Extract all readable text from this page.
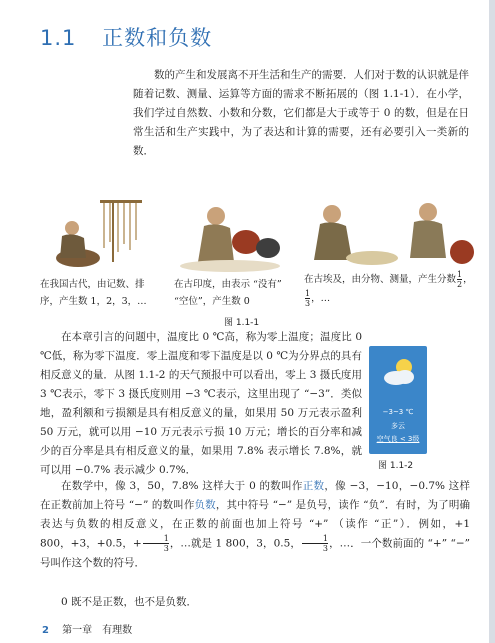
1.1 正数和负数
数的产生和发展离不开生活和生产的需要．人们对于数的认识就是伴随着记数、测量、运算等方面的需求不断拓展的（图 1.1-1）．在小学，我们学过自然数、小数和分数，它们都是大于或等于 0 的数，但是在日常生活和生产实践中，为了表达和计算的需要，还有必要引入一类新的数．
在我国古代，由记数、排序，产生数 1，2，3，…
在古印度，由表示 “没有” “空位”，产生数 0
在古埃及，由分物、测量，产生分数 $\frac{1}{2}$ ，
$\frac{1}{3}$ ，…
图 1.1-1
在本章引言的问题中，温度比 0 ℃高，称为零上温度；温度比 0 ℃低，称为零下温度．零上温度和零下温度是以 0 ℃为分界点的具有相反意义的量．从图 1.1-2 的天气预报中可以看出，零上 3 摄氏度用 3 ℃表示，零下 3 摄氏度则用 −3 ℃表示，这里出现了 “−3”．类似地，盈利额和亏损额是具有相反意义的量，如果用 50 万元表示盈利 50 万元，就可以用 −10 万元表示亏损 10 万元；增长的百分率和减少的百分率是具有相反意义的量，如果用 7.8% 表示增长 7.8%，就可以用 −0.7% 表示减少 0.7%．
−3~3 ℃
多云
空气良 < 3级
图 1.1-2
在数学中，像 3，50，7.8% 这样大于 0 的数叫作正数，像 −3，−10，−0.7% 这样在正数前加上符号 “−” 的数叫作负数，其中符号 “−” 是负号，读作 “负”．有时，为了明确表达与负数的相反意义，在正数的前面也加上符号 “+” （读作 “正”）．例如，+1 800，+3，+0.5，+ $\frac{1}{3}$ ，…就是 1 800，3，0.5， $\frac{1}{3}$ ，…．一个数前面的 “+” “−” 号叫作这个数的符号．
0 既不是正数，也不是负数．
2 第一章　有理数
